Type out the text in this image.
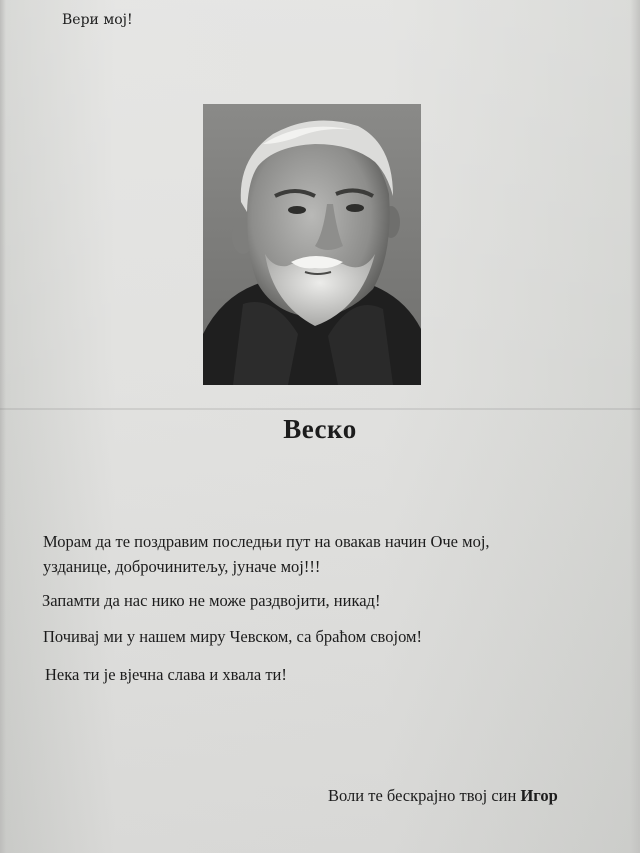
Вери мој!
Веско
Морам да те поздравим последњи пут на овакав начин Оче мој,
узданице, доброчинитељу, јуначе мој!!!
Запамти да нас нико не може раздвојити, никад!
Почивај ми у нашем миру Чевском, са браћом својом!
Нека ти је вјечна слава и хвала ти!
Воли те бескрајно твој син Игор
